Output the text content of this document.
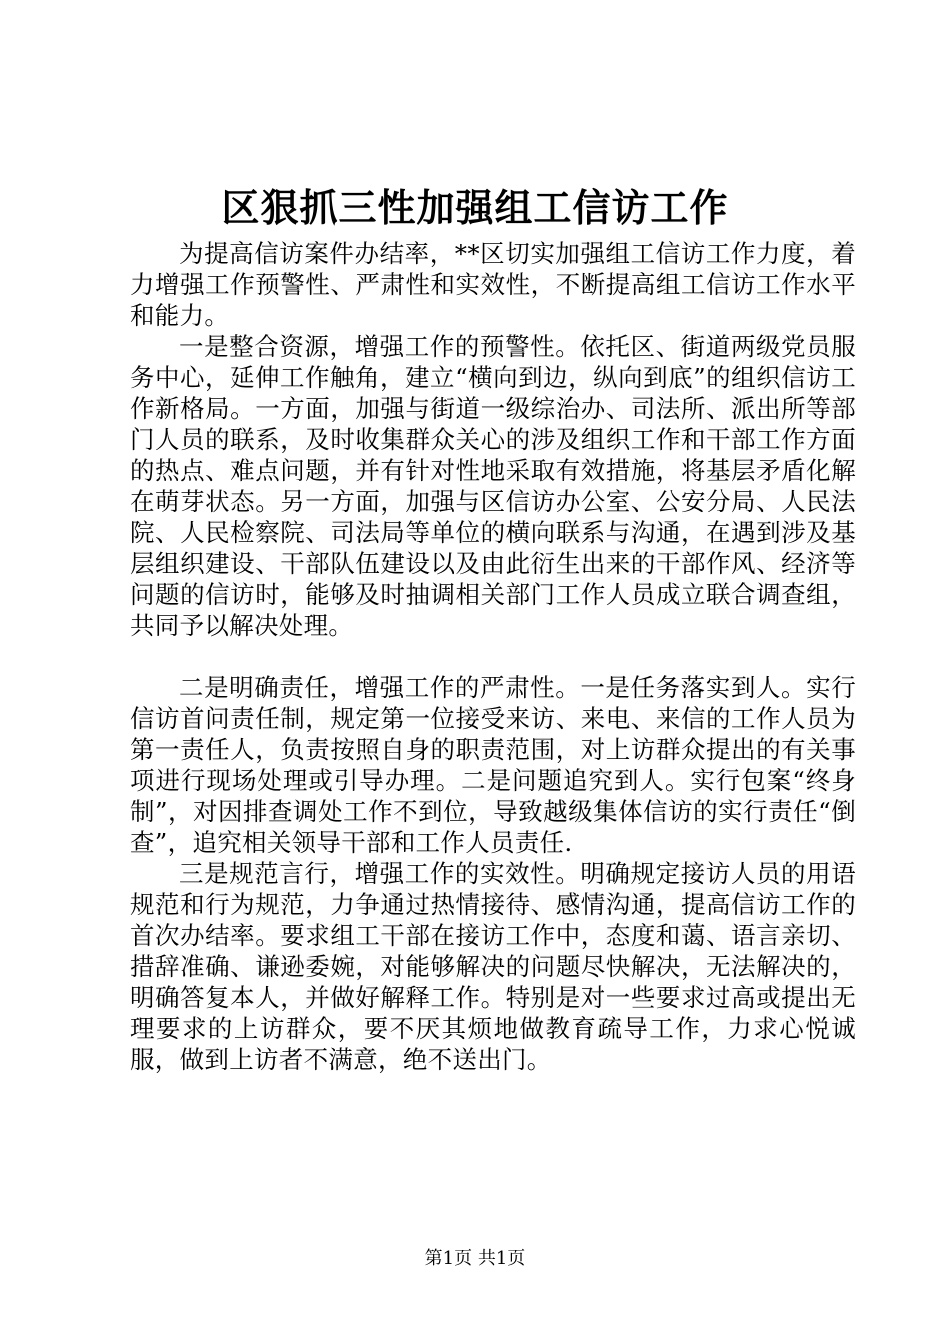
区狠抓三性加强组工信访工作

为提高信访案件办结率，**区切实加强组工信访工作力度，着力增强工作预警性、严肃性和实效性，不断提高组工信访工作水平和能力。

一是整合资源，增强工作的预警性。依托区、街道两级党员服务中心，延伸工作触角，建立“横向到边，纵向到底”的组织信访工作新格局。一方面，加强与街道一级综治办、司法所、派出所等部门人员的联系，及时收集群众关心的涉及组织工作和干部工作方面的热点、难点问题，并有针对性地采取有效措施，将基层矛盾化解在萌芽状态。另一方面，加强与区信访办公室、公安分局、人民法院、人民检察院、司法局等单位的横向联系与沟通，在遇到涉及基层组织建设、干部队伍建设以及由此衍生出来的干部作风、经济等问题的信访时，能够及时抽调相关部门工作人员成立联合调查组，共同予以解决处理。

二是明确责任，增强工作的严肃性。一是任务落实到人。实行信访首问责任制，规定第一位接受来访、来电、来信的工作人员为第一责任人，负责按照自身的职责范围，对上访群众提出的有关事项进行现场处理或引导办理。二是问题追究到人。实行包案“终身制”，对因排查调处工作不到位，导致越级集体信访的实行责任“倒查”，追究相关领导干部和工作人员责任.

三是规范言行，增强工作的实效性。明确规定接访人员的用语规范和行为规范，力争通过热情接待、感情沟通，提高信访工作的首次办结率。要求组工干部在接访工作中，态度和蔼、语言亲切、措辞准确、谦逊委婉，对能够解决的问题尽快解决，无法解决的，明确答复本人，并做好解释工作。特别是对一些要求过高或提出无理要求的上访群众，要不厌其烦地做教育疏导工作，力求心悦诚服，做到上访者不满意，绝不送出门。

第1页 共1页
